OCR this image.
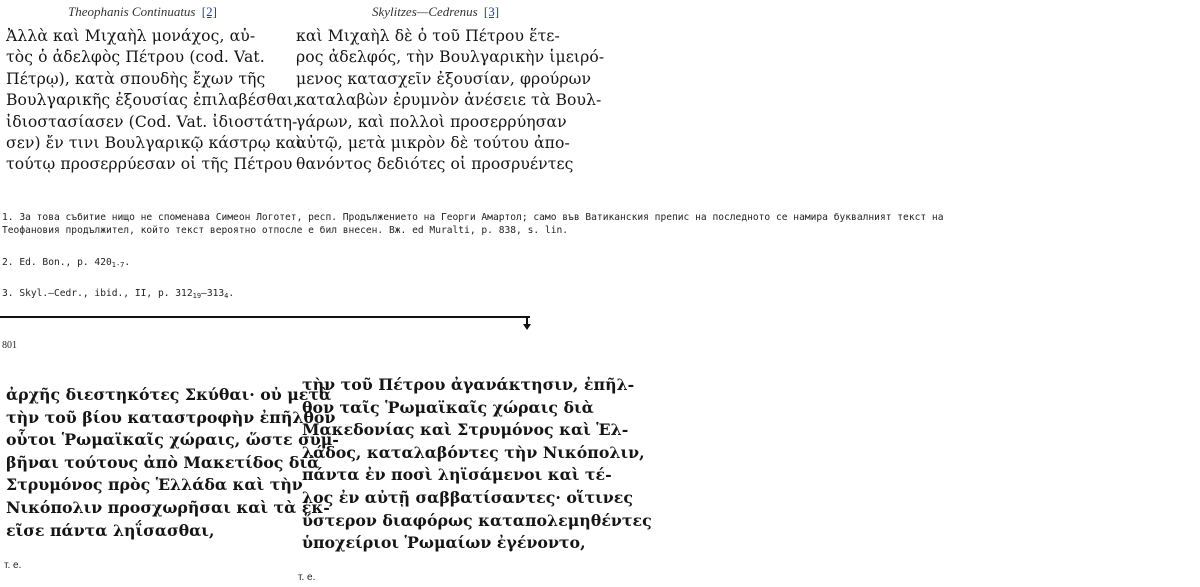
Theophanis Continuatus [2]	Skylitzes—Cedrenus [3]
Ἀλλὰ καὶ Μιχαὴλ μονάχος, αὐ-
τὸς ὁ ἀδελφὸς Πέτρου (cod. Vat.
Πέτρῳ), κατὰ σπουδὴς ἔχων τῆς
Βουλγαρικῆς ἐξουσίας ἐπιλαβέσθαι,
ἰδιοστασίασεν (Cod. Vat. ἰδιοστάτη-
σεν) ἔν τινι Βουλγαρικῷ κάστρῳ καὶ
τούτῳ προσερρύεσαν οἱ τῆς Πέτρου
καὶ Μιχαὴλ δὲ ὁ τοῦ Πέτρου ἕτε-
ρος ἀδελφός, τὴν Βουλγαρικὴν ἱμειρό-
μενος κατασχεῖν ἐξουσίαν, φρούρων
καταλαβὼν ἐρυμνὸν ἀνέσειε τὰ Βουλ-
γάρων, καὶ πολλοὶ προσερρύησαν
αὐτῷ, μετὰ μικρὸν δὲ τούτου ἀπο-
θανόντος δεδιότες οἱ προσρυέντες
1. За това събитие нищо не споменава Симеон Логотет, респ. Продължението на Георги Амартол; само във Ватиканския препис на последното се намира буквалният текст на
Теофановия продължител, който текст вероятно отпосле е бил внесен. Вж. ed Muralti, p. 838, s. lin.
2. Ed. Bon., p. $420_{1-7}$.
3. Skyl.—Cedr., ibid., II, p. $312_{19}—313_4$.
801
ἀρχῆς διεστηκότες Σκύθαι· οὐ μετὰ
τὴν τοῦ βίου καταστροφὴν ἐπῆλθον
οὗτοι Ῥωμαϊκαῖς χώραις, ὥστε συμ-
βῆναι τούτους ἀπὸ Μακετίδος διὰ
Στρυμόνος πρὸς Ἑλλάδα καὶ τὴν
Νικόπολιν προσχωρῆσαι καὶ τὰ ἐκ-
εῖσε πάντα ληΐσασθαι,
τὴν τοῦ Πέτρου ἀγανάκτησιν, ἐπῆλ-
θον ταῖς Ῥωμαϊκαῖς χώραις διὰ
Μακεδονίας καὶ Στρυμόνος καὶ Ἑλ-
λάδος, καταλαβόντες τὴν Νικόπολιν,
πάντα ἐν ποσὶ ληϊσάμενοι καὶ τέ-
λος ἐν αὐτῇ σαββατίσαντες· οἵτινες
ὕστερον διαφόρως καταπολεμηθέντες
ὑποχείριοι Ῥωμαίων ἐγένοντο,
т. е.
т. е.
